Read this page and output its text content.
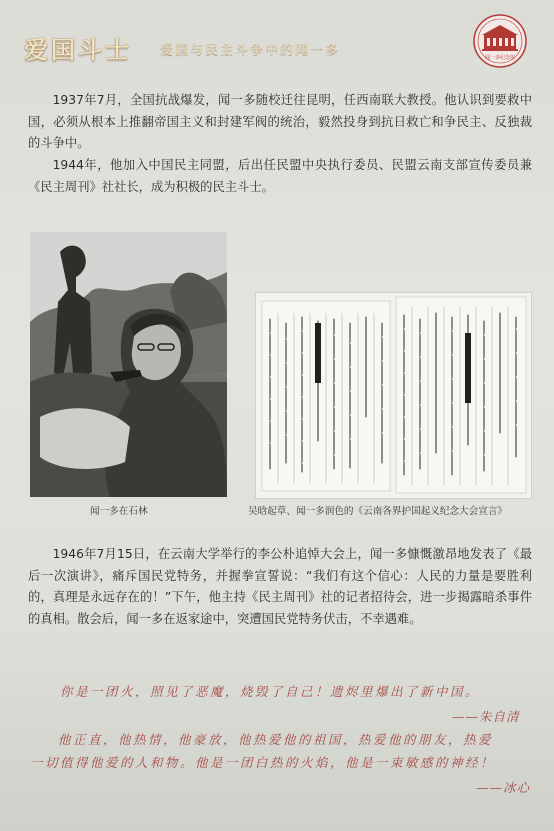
爱国斗士 爱国与民主斗争中的闻一多	闻一多纪念馆

1937年7月，全国抗战爆发，闻一多随校迁往昆明，任西南联大教授。他认识到要救中国，必须从根本上推翻帝国主义和封建军阀的统治，毅然投身到抗日救亡和争民主、反独裁的斗争中。

1944年，他加入中国民主同盟，后出任民盟中央执行委员、民盟云南支部宣传委员兼《民主周刊》社社长，成为积极的民主斗士。

闻一多在石林	吴晗起草、闻一多润色的《云南各界护国起义纪念大会宣言》

1946年7月15日，在云南大学举行的李公朴追悼大会上，闻一多慷慨激昂地发表了《最后一次演讲》，痛斥国民党特务，并握拳宣誓说：“我们有这个信心：人民的力量是要胜利的，真理是永远存在的！”下午，他主持《民主周刊》社的记者招待会，进一步揭露暗杀事件的真相。散会后，闻一多在返家途中，突遭国民党特务伏击，不幸遇难。

你是一团火，照见了恶魔，烧毁了自己！遗烬里爆出了新中国。
——朱自清
他正直，他热情，他豪放，他热爱他的祖国，热爱他的朋友，热爱
一切值得他爱的人和物。他是一团白热的火焰，他是一束敏感的神经！
——冰心
